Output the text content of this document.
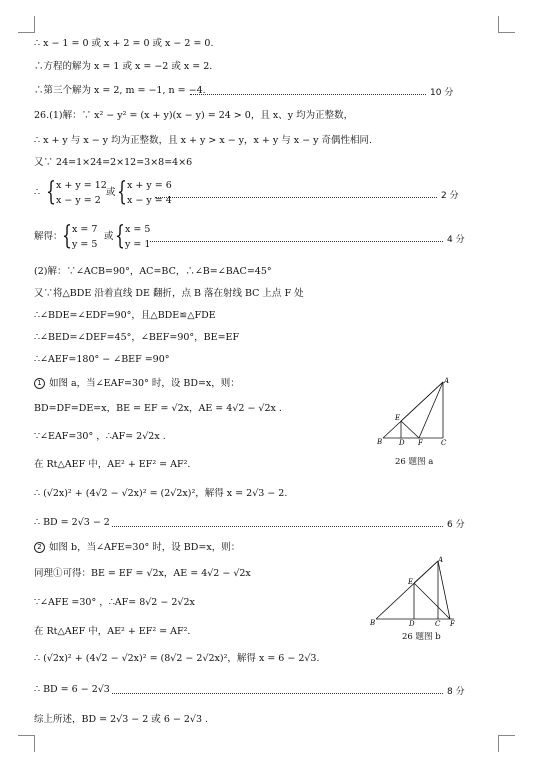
∴ x − 1 = 0 或 x + 2 = 0 或 x − 2 = 0.
∴方程的解为 x = 1 或 x = −2 或 x = 2.
∴第三个解为 x = 2, m = −1, n = −4.	10 分
26.(1)解：∵ x² − y² = (x + y)(x − y) = 24 > 0，且 x、y 均为正整数，
∴ x + y 与 x − y 均为正整数，且 x + y > x − y，x + y 与 x − y 奇偶性相同.
又∵ 24=1×24=2×12=3×8=4×6
∴ { x + y = 12
x − y = 2
或 { x + y = 6
x − y = 4	2 分
解得： { x = 7
y = 5
或 { x = 5
y = 1	4 分
(2)解：∵∠ACB=90°，AC=BC，∴∠B=∠BAC=45°
又∵将△BDE 沿着直线 DE 翻折，点 B 落在射线 BC 上点 F 处
∴∠BDE=∠EDF=90°，且△BDE≌△FDE
∴∠BED=∠DEF=45°，∠BEF=90°，BE=EF
∴∠AEF=180° − ∠BEF =90°
1 如图 a，当∠EAF=30° 时，设 BD=x，则：
BD=DF=DE=x，BE = EF = √2x，AE = 4√2 − √2x .
∵∠EAF=30° ，∴AF= 2√2x .
在 Rt△AEF 中，AE² + EF² = AF².
∴ (√2x)² + (4√2 − √2x)² = (2√2x)²，解得 x = 2√3 − 2.
∴ BD = 2√3 − 2	6 分
A
B	C
D
E
F
26 题图 a
2 如图 b，当∠AFE=30° 时，设 BD=x，则：
同理①可得：BE = EF = √2x，AE = 4√2 − √2x
∵∠AFE =30° ，∴AF= 8√2 − 2√2x
在 Rt△AEF 中，AE² + EF² = AF².
∴ (√2x)² + (4√2 − √2x)² = (8√2 − 2√2x)²，解得 x = 6 − 2√3.
∴ BD = 6 − 2√3	8 分
A
B	C
D
E
F
26 题图 b
综上所述，BD = 2√3 − 2 或 6 − 2√3 .
